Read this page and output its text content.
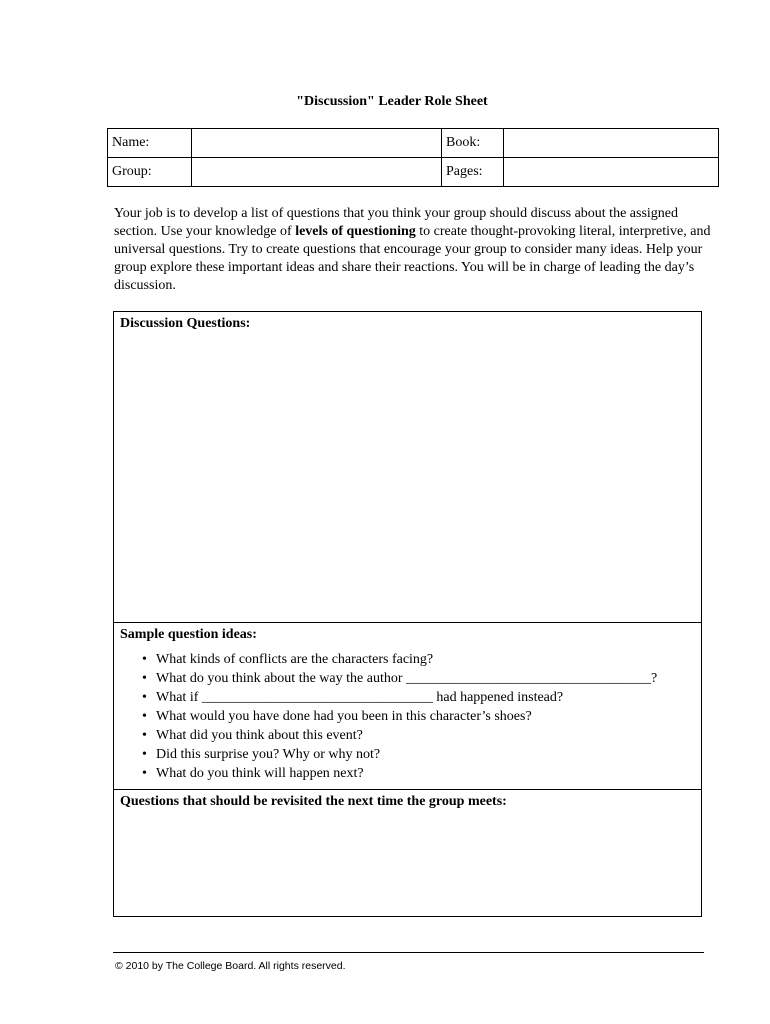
"Discussion" Leader Role Sheet
Name:		Book:	
Group:		Pages:	

Your job is to develop a list of questions that you think your group should discuss about the assigned section. Use your knowledge of levels of questioning to create thought-provoking literal, interpretive, and universal questions. Try to create questions that encourage your group to consider many ideas. Help your group explore these important ideas and share their reactions. You will be in charge of leading the day’s discussion.

Discussion Questions:
Sample question ideas:
• What kinds of conflicts are the characters facing?
• What do you think about the way the author ___________________________________?
• What if _________________________________ had happened instead?
• What would you have done had you been in this character’s shoes?
• What did you think about this event?
• Did this surprise you? Why or why not?
• What do you think will happen next?
Questions that should be revisited the next time the group meets:
© 2010 by The College Board. All rights reserved.
